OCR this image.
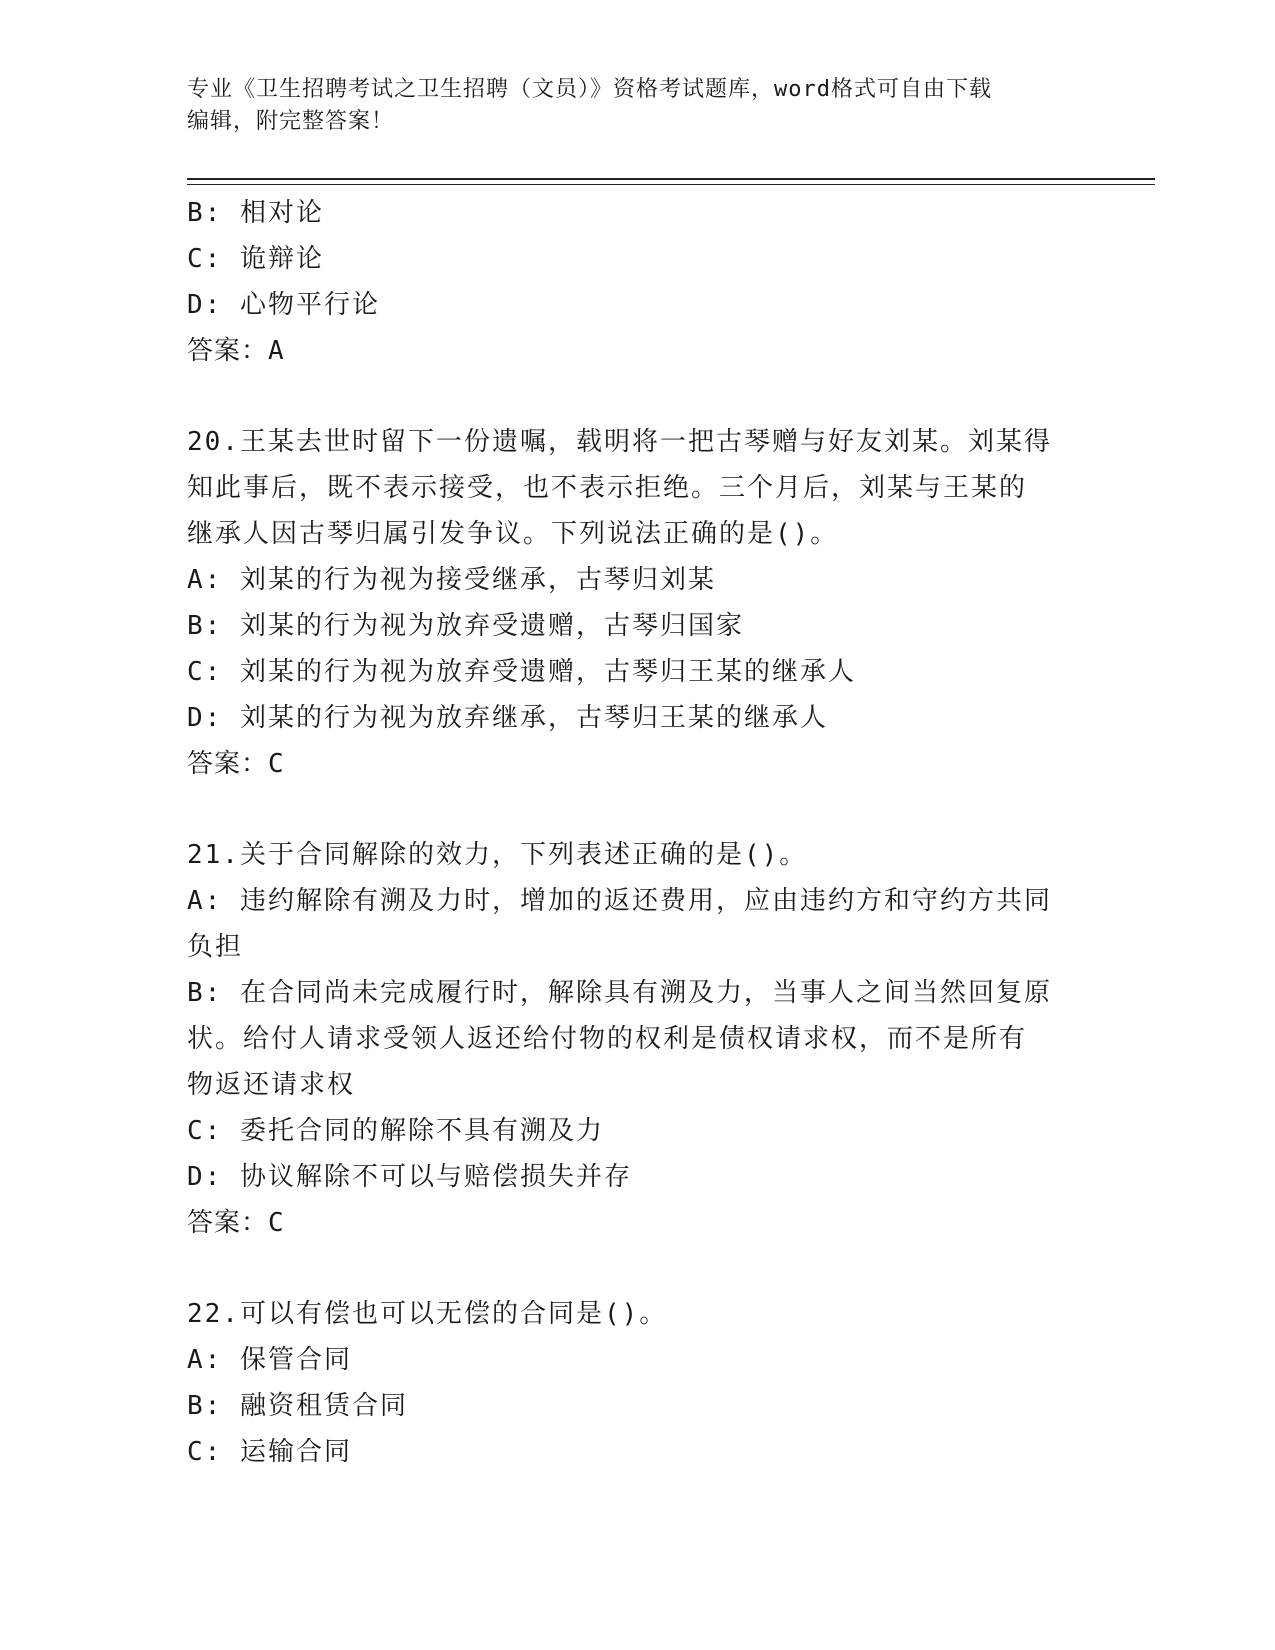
专业《卫生招聘考试之卫生招聘（文员）》资格考试题库，word格式可自由下载
编辑，附完整答案！
B: 相对论
C: 诡辩论
D: 心物平行论
答案：A
20.王某去世时留下一份遗嘱，载明将一把古琴赠与好友刘某。刘某得
知此事后，既不表示接受，也不表示拒绝。三个月后，刘某与王某的
继承人因古琴归属引发争议。下列说法正确的是()。
A: 刘某的行为视为接受继承，古琴归刘某
B: 刘某的行为视为放弃受遗赠，古琴归国家
C: 刘某的行为视为放弃受遗赠，古琴归王某的继承人
D: 刘某的行为视为放弃继承，古琴归王某的继承人
答案：C
21.关于合同解除的效力，下列表述正确的是()。
A: 违约解除有溯及力时，增加的返还费用，应由违约方和守约方共同
负担
B: 在合同尚未完成履行时，解除具有溯及力，当事人之间当然回复原
状。给付人请求受领人返还给付物的权利是债权请求权，而不是所有
物返还请求权
C: 委托合同的解除不具有溯及力
D: 协议解除不可以与赔偿损失并存
答案：C
22.可以有偿也可以无偿的合同是()。
A: 保管合同
B: 融资租赁合同
C: 运输合同
